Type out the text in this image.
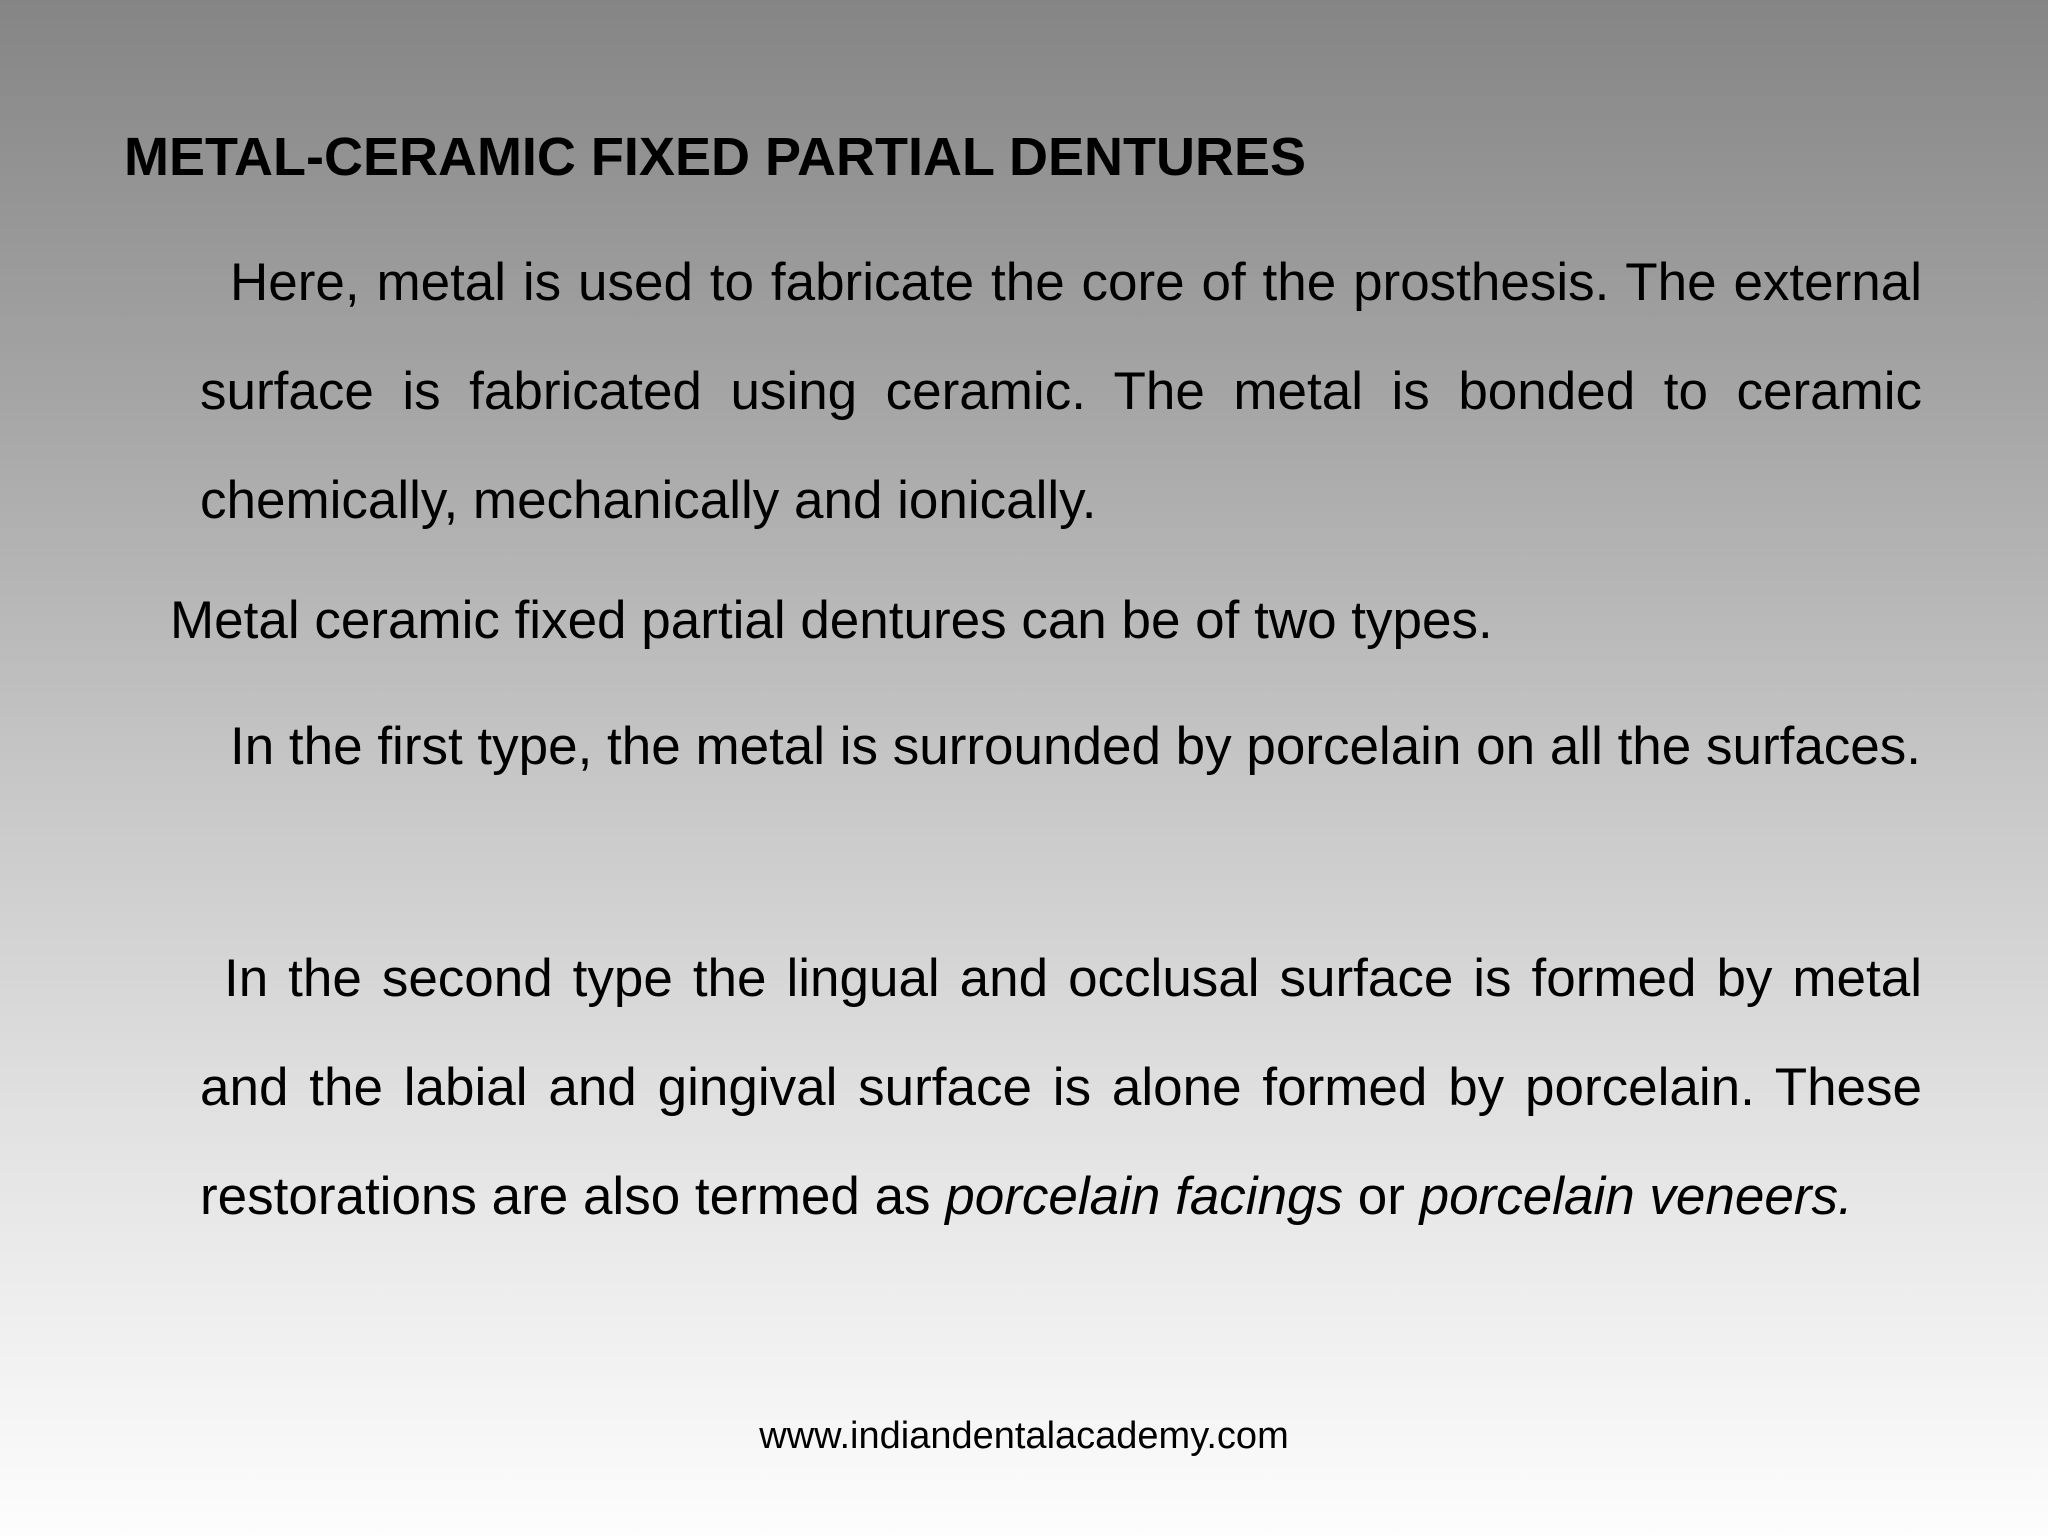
METAL-CERAMIC FIXED PARTIAL DENTURES

Here, metal is used to fabricate the core of the prosthesis. The external surface is fabricated using ceramic. The metal is bonded to ceramic chemically, mechanically and ionically.

Metal ceramic fixed partial dentures can be of two types.

In the first type, the metal is surrounded by porcelain on all the surfaces.

In the second type the lingual and occlusal surface is formed by metal and the labial and gingival surface is alone formed by porcelain. These restorations are also termed as porcelain facings or porcelain veneers.

www.indiandentalacademy.com
